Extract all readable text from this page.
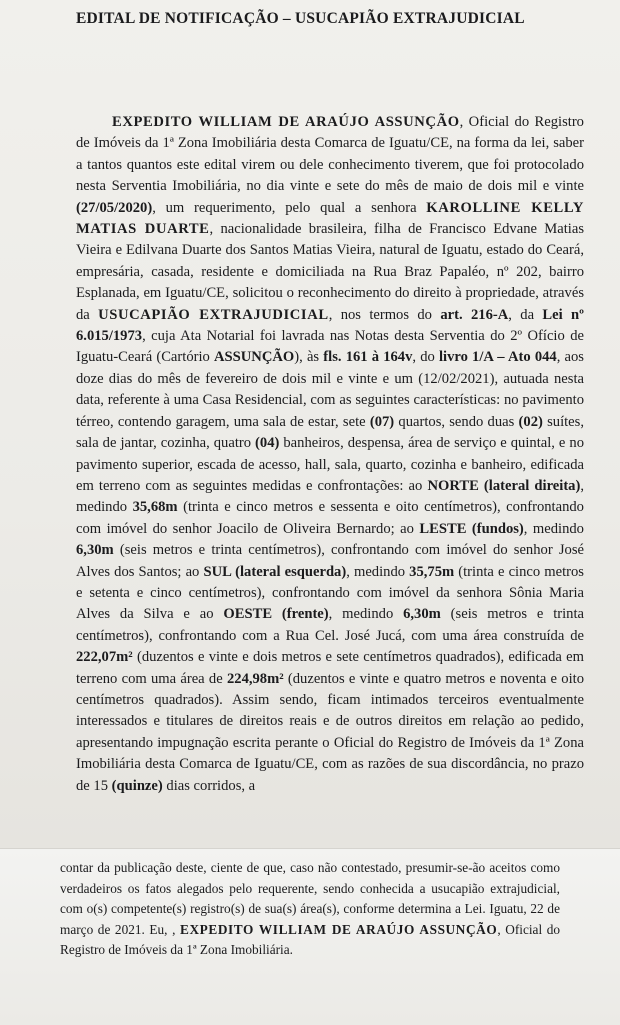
EDITAL DE NOTIFICAÇÃO – USUCAPIÃO EXTRAJUDICIAL

EXPEDITO WILLIAM DE ARAÚJO ASSUNÇÃO, Oficial do Registro de Imóveis da 1ª Zona Imobiliária desta Comarca de Iguatu/CE, na forma da lei, saber a tantos quantos este edital virem ou dele conhecimento tiverem, que foi protocolado nesta Serventia Imobiliária, no dia vinte e sete do mês de maio de dois mil e vinte (27/05/2020), um requerimento, pelo qual a senhora KAROLLINE KELLY MATIAS DUARTE, nacionalidade brasileira, filha de Francisco Edvane Matias Vieira e Edilvana Duarte dos Santos Matias Vieira, natural de Iguatu, estado do Ceará, empresária, casada, residente e domiciliada na Rua Braz Papaléo, nº 202, bairro Esplanada, em Iguatu/CE, solicitou o reconhecimento do direito à propriedade, através da USUCAPIÃO EXTRAJUDICIAL, nos termos do art. 216-A, da Lei nº 6.015/1973, cuja Ata Notarial foi lavrada nas Notas desta Serventia do 2º Ofício de Iguatu-Ceará (Cartório ASSUNÇÃO), às fls. 161 à 164v, do livro 1/A – Ato 044, aos doze dias do mês de fevereiro de dois mil e vinte e um (12/02/2021), autuada nesta data, referente à uma Casa Residencial, com as seguintes características: no pavimento térreo, contendo garagem, uma sala de estar, sete (07) quartos, sendo duas (02) suítes, sala de jantar, cozinha, quatro (04) banheiros, despensa, área de serviço e quintal, e no pavimento superior, escada de acesso, hall, sala, quarto, cozinha e banheiro, edificada em terreno com as seguintes medidas e confrontações: ao NORTE (lateral direita), medindo 35,68m (trinta e cinco metros e sessenta e oito centímetros), confrontando com imóvel do senhor Joacilo de Oliveira Bernardo; ao LESTE (fundos), medindo 6,30m (seis metros e trinta centímetros), confrontando com imóvel do senhor José Alves dos Santos; ao SUL (lateral esquerda), medindo 35,75m (trinta e cinco metros e setenta e cinco centímetros), confrontando com imóvel da senhora Sônia Maria Alves da Silva e ao OESTE (frente), medindo 6,30m (seis metros e trinta centímetros), confrontando com a Rua Cel. José Jucá, com uma área construída de 222,07m² (duzentos e vinte e dois metros e sete centímetros quadrados), edificada em terreno com uma área de 224,98m² (duzentos e vinte e quatro metros e noventa e oito centímetros quadrados). Assim sendo, ficam intimados terceiros eventualmente interessados e titulares de direitos reais e de outros direitos em relação ao pedido, apresentando impugnação escrita perante o Oficial do Registro de Imóveis da 1ª Zona Imobiliária desta Comarca de Iguatu/CE, com as razões de sua discordância, no prazo de 15 (quinze) dias corridos, a

contar da publicação deste, ciente de que, caso não contestado, presumir-se-ão aceitos como verdadeiros os fatos alegados pelo requerente, sendo conhecida a usucapião extrajudicial, com o(s) competente(s) registro(s) de sua(s) área(s), conforme determina a Lei. Iguatu, 22 de março de 2021. Eu, , EXPEDITO WILLIAM DE ARAÚJO ASSUNÇÃO, Oficial do Registro de Imóveis da 1ª Zona Imobiliária.
